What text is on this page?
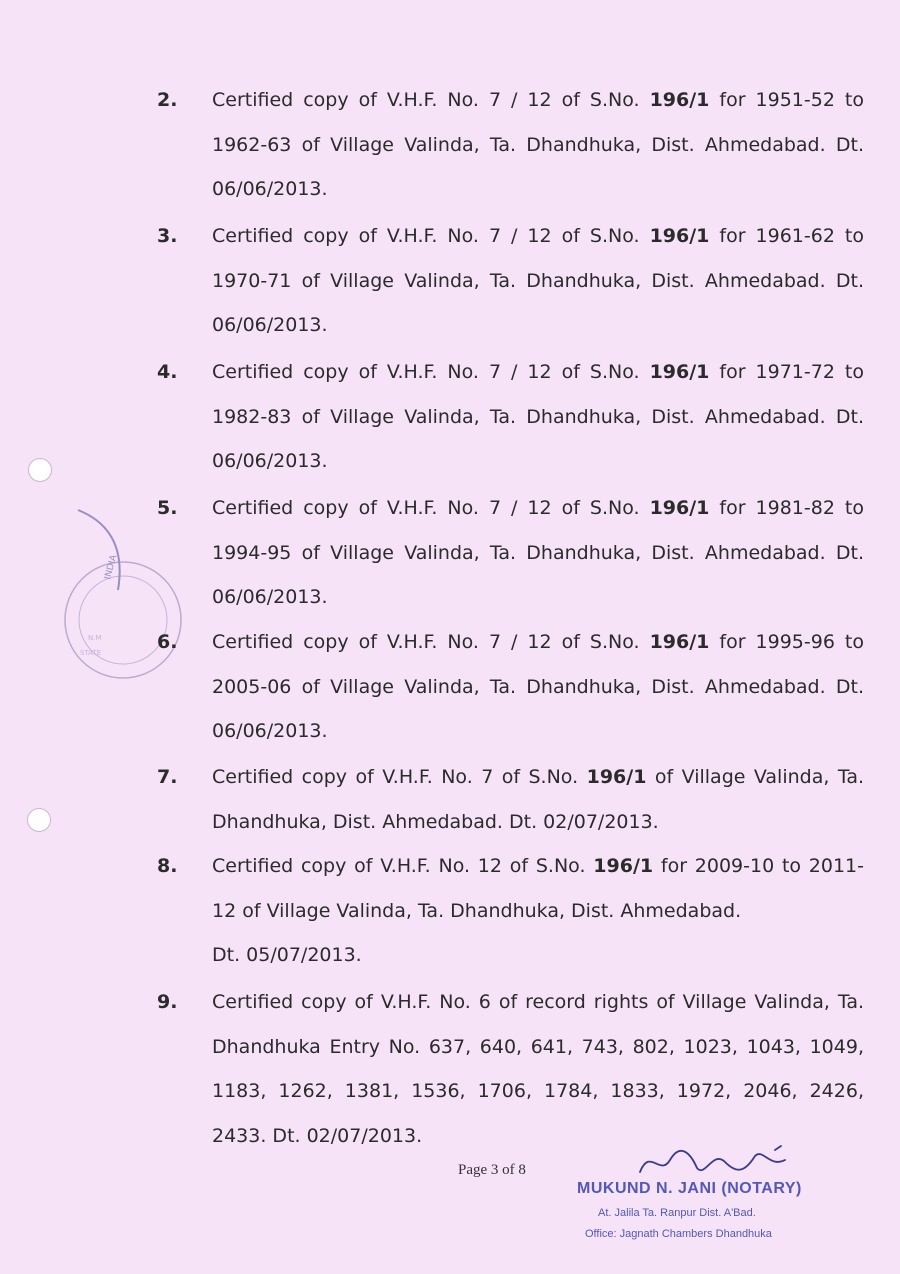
INDIA
N.M
STATE
2. Certified copy of V.H.F. No. 7 / 12 of S.No. 196/1 for 1951-52 to 1962-63 of Village Valinda, Ta. Dhandhuka, Dist. Ahmedabad. Dt. 06/06/2013.
3. Certified copy of V.H.F. No. 7 / 12 of S.No. 196/1 for 1961-62 to 1970-71 of Village Valinda, Ta. Dhandhuka, Dist. Ahmedabad. Dt. 06/06/2013.
4. Certified copy of V.H.F. No. 7 / 12 of S.No. 196/1 for 1971-72 to 1982-83 of Village Valinda, Ta. Dhandhuka, Dist. Ahmedabad. Dt. 06/06/2013.
5. Certified copy of V.H.F. No. 7 / 12 of S.No. 196/1 for 1981-82 to 1994-95 of Village Valinda, Ta. Dhandhuka, Dist. Ahmedabad. Dt. 06/06/2013.
6. Certified copy of V.H.F. No. 7 / 12 of S.No. 196/1 for 1995-96 to 2005-06 of Village Valinda, Ta. Dhandhuka, Dist. Ahmedabad. Dt. 06/06/2013.
7. Certified copy of V.H.F. No. 7 of S.No. 196/1 of Village Valinda, Ta. Dhandhuka, Dist. Ahmedabad. Dt. 02/07/2013.
8. Certified copy of V.H.F. No. 12 of S.No. 196/1 for 2009-10 to 2011-12 of Village Valinda, Ta. Dhandhuka, Dist. Ahmedabad.
Dt. 05/07/2013.
9. Certified copy of V.H.F. No. 6 of record rights of Village Valinda, Ta. Dhandhuka Entry No. 637, 640, 641, 743, 802, 1023, 1043, 1049, 1183, 1262, 1381, 1536, 1706, 1784, 1833, 1972, 2046, 2426, 2433. Dt. 02/07/2013.
Page 3 of 8
MUKUND N. JANI (NOTARY)
At. Jalila Ta. Ranpur Dist. A'Bad.
Office: Jagnath Chambers Dhandhuka
